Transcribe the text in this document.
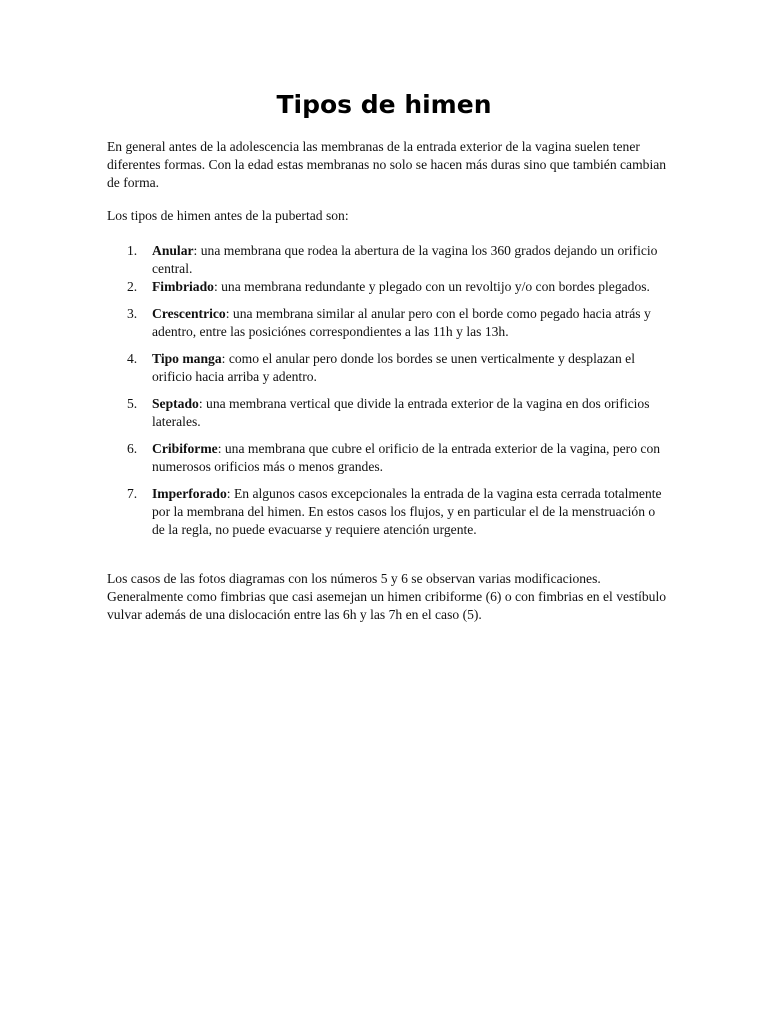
Tipos de himen

En general antes de la adolescencia las membranas de la entrada exterior de la vagina suelen tener diferentes formas. Con la edad estas membranas no solo se hacen más duras sino que también cambian de forma.

Los tipos de himen antes de la pubertad son:

1. Anular: una membrana que rodea la abertura de la vagina los 360 grados dejando un orificio central.
2. Fimbriado: una membrana redundante y plegado con un revoltijo y/o con bordes plegados.
3. Crescentrico: una membrana similar al anular pero con el borde como pegado hacia atrás y adentro, entre las posiciónes correspondientes a las 11h y las 13h.
4. Tipo manga: como el anular pero donde los bordes se unen verticalmente y desplazan el orificio hacia arriba y adentro.
5. Septado: una membrana vertical que divide la entrada exterior de la vagina en dos orificios laterales.
6. Cribiforme: una membrana que cubre el orificio de la entrada exterior de la vagina, pero con numerosos orificios más o menos grandes.
7. Imperforado: En algunos casos excepcionales la entrada de la vagina esta cerrada totalmente por la membrana del himen. En estos casos los flujos, y en particular el de la menstruación o de la regla, no puede evacuarse y requiere atención urgente.

Los casos de las fotos diagramas con los números 5 y 6 se observan varias modificaciones. Generalmente como fimbrias que casi asemejan un himen cribiforme (6) o con fimbrias en el vestíbulo vulvar además de una dislocación entre las 6h y las 7h en el caso (5).
